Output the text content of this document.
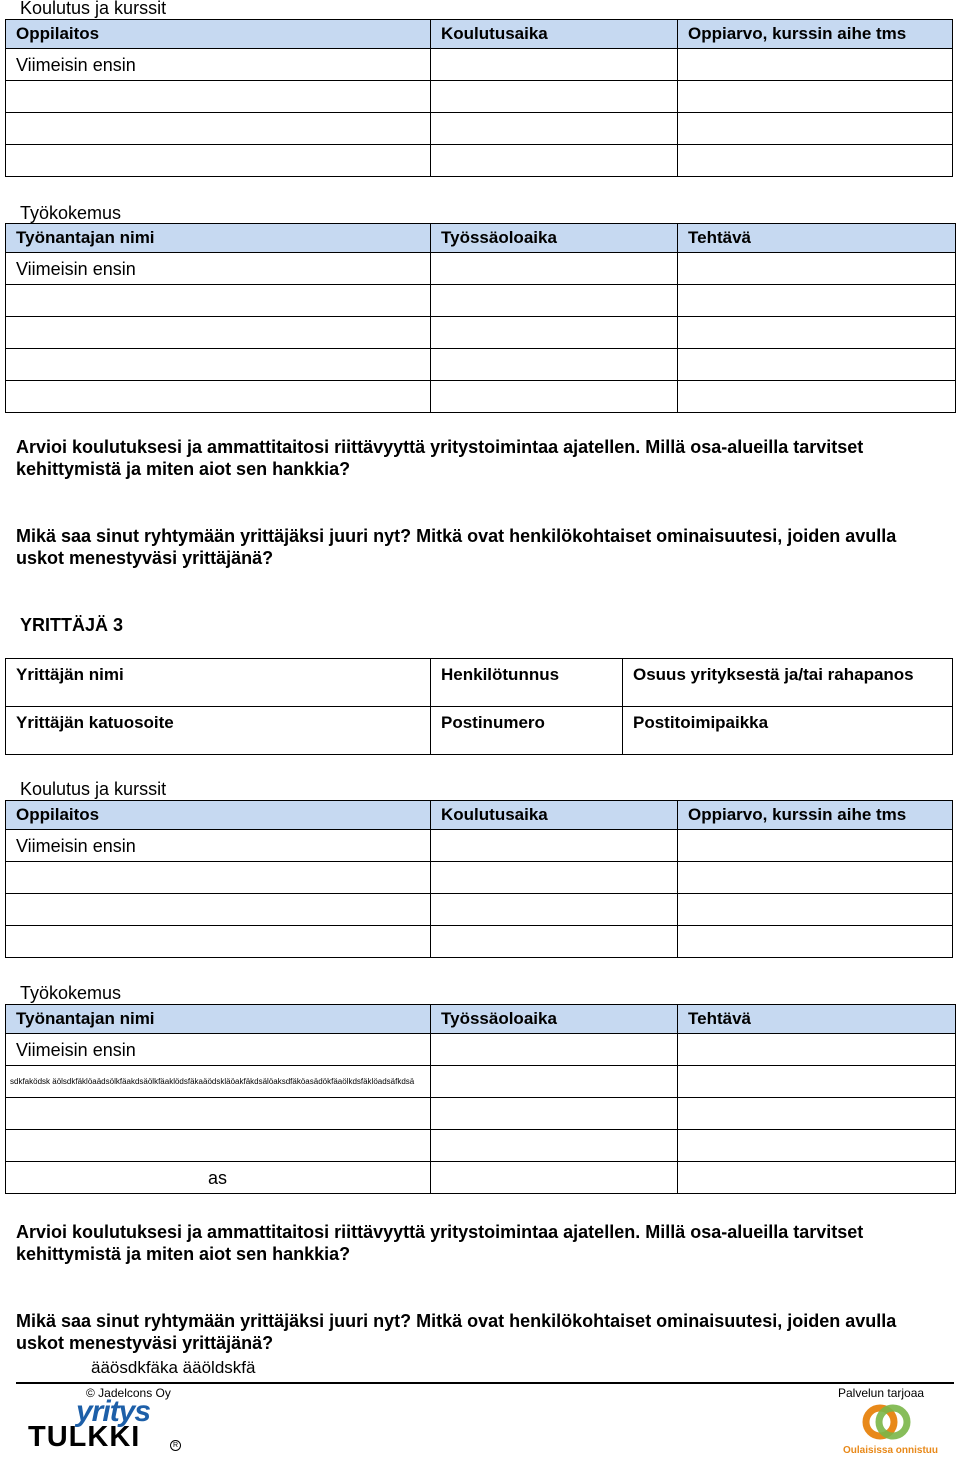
Koulutus ja kurssit
Oppilaitos	Koulutusaika	Oppiarvo, kurssin aihe tms
Viimeisin ensin		

Työkokemus
Työnantajan nimi	Työssäoloaika	Tehtävä
Viimeisin ensin		

Arvioi koulutuksesi ja ammattitaitosi riittävyyttä yritystoimintaa ajatellen. Millä osa-alueilla tarvitset kehittymistä ja miten aiot sen hankkia?
Mikä saa sinut ryhtymään yrittäjäksi juuri nyt? Mitkä ovat henkilökohtaiset ominaisuutesi, joiden avulla uskot menestyväsi yrittäjänä?
YRITTÄJÄ 3
Yrittäjän nimi	Henkilötunnus	Osuus yrityksestä ja/tai rahapanos
Yrittäjän katuosoite	Postinumero	Postitoimipaikka
Koulutus ja kurssit
Oppilaitos	Koulutusaika	Oppiarvo, kurssin aihe tms
Viimeisin ensin		

Työkokemus
Työnantajan nimi	Työssäoloaika	Tehtävä
Viimeisin ensin		
sdkfaködsk äölsdkfäklöaädsölkfäakdsäölkfäaklödsfäkaäödskläöakfäkdsälöaksdfäköasädökfäaölkdsfäklöadsäfkdsä		

as		
Arvioi koulutuksesi ja ammattitaitosi riittävyyttä yritystoimintaa ajatellen. Millä osa-alueilla tarvitset kehittymistä ja miten aiot sen hankkia?
Mikä saa sinut ryhtymään yrittäjäksi juuri nyt? Mitkä ovat henkilökohtaiset ominaisuutesi, joiden avulla uskot menestyväsi yrittäjänä?
ääösdkfäka ääöldskfä
© Jadelcons Oy
yritys
TULKKI	R
Palvelun tarjoaa
Oulaisissa onnistuu
